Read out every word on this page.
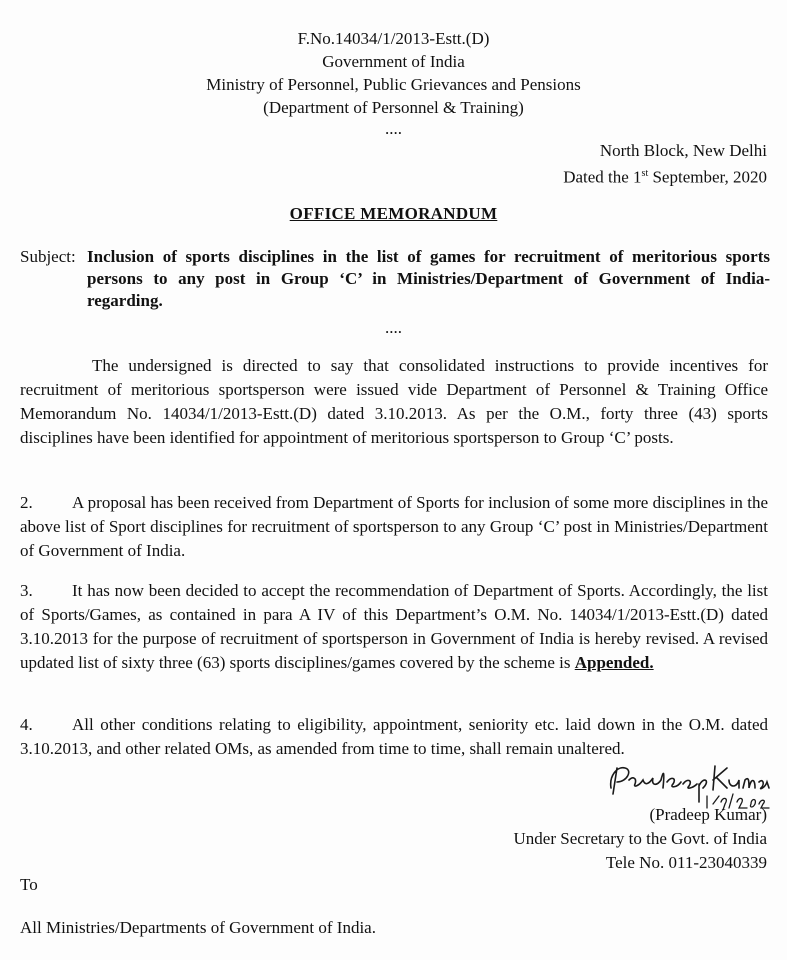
F.No.14034/1/2013-Estt.(D)
Government of India
Ministry of Personnel, Public Grievances and Pensions
(Department of Personnel & Training)
....
North Block, New Delhi
Dated the 1st September, 2020
OFFICE MEMORANDUM
Subject: Inclusion of sports disciplines in the list of games for recruitment of meritorious sports persons to any post in Group ‘C’ in Ministries/Department of Government of India- regarding.
....
The undersigned is directed to say that consolidated instructions to provide incentives for recruitment of meritorious sportsperson were issued vide Department of Personnel & Training Office Memorandum No. 14034/1/2013-Estt.(D) dated 3.10.2013. As per the O.M., forty three (43) sports disciplines have been identified for appointment of meritorious sportsperson to Group ‘C’ posts.
2. A proposal has been received from Department of Sports for inclusion of some more disciplines in the above list of Sport disciplines for recruitment of sportsperson to any Group ‘C’ post in Ministries/Department of Government of India.
3. It has now been decided to accept the recommendation of Department of Sports. Accordingly, the list of Sports/Games, as contained in para A IV of this Department’s O.M. No. 14034/1/2013-Estt.(D) dated 3.10.2013 for the purpose of recruitment of sportsperson in Government of India is hereby revised. A revised updated list of sixty three (63) sports disciplines/games covered by the scheme is Appended.
4. All other conditions relating to eligibility, appointment, seniority etc. laid down in the O.M. dated 3.10.2013, and other related OMs, as amended from time to time, shall remain unaltered.
(Pradeep Kumar)
Under Secretary to the Govt. of India
Tele No. 011-23040339
To
All Ministries/Departments of Government of India.
